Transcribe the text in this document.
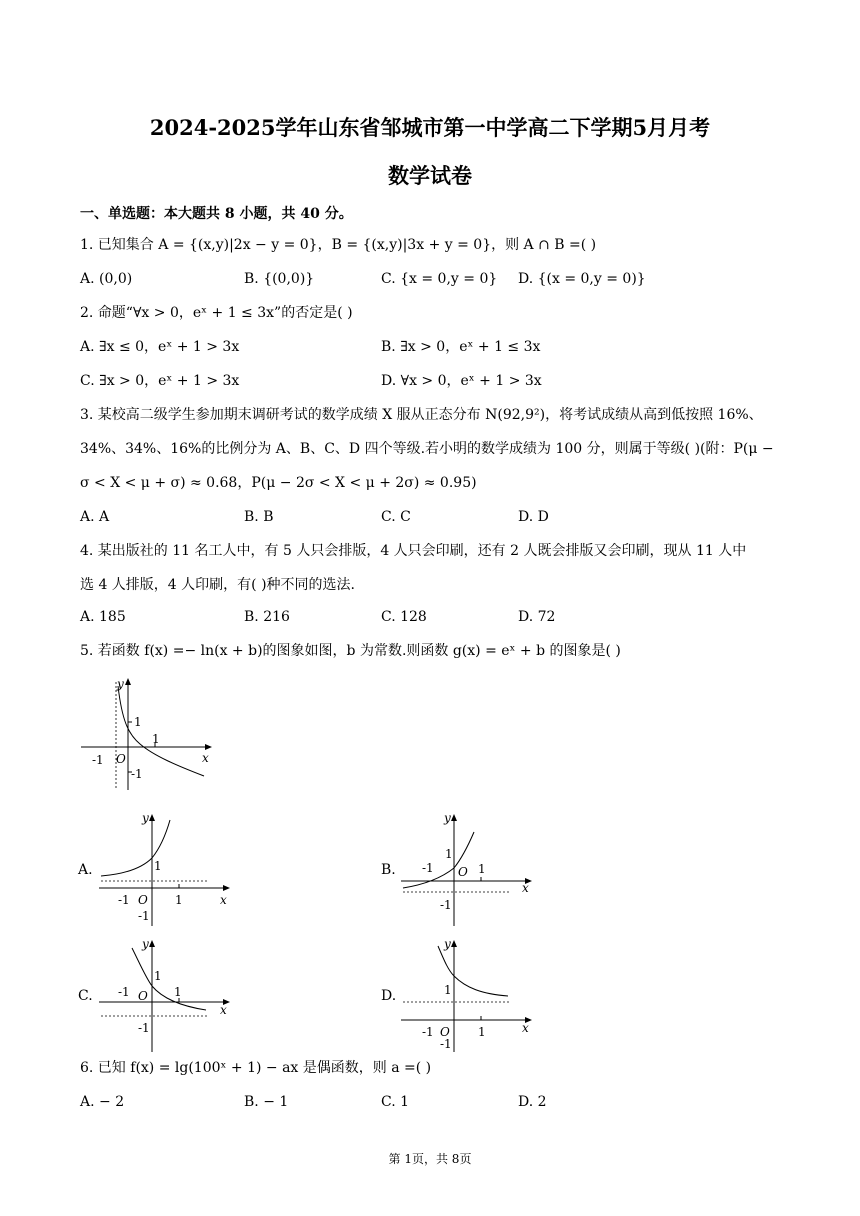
2024-2025学年山东省邹城市第一中学高二下学期5月月考
数学试卷
一、单选题：本大题共 8 小题，共 40 分。
1. 已知集合 A = {(x,y)|2x − y = 0}，B = {(x,y)|3x + y = 0}，则 A ∩ B =( )
A. (0,0)	B. {(0,0)}	C. {x = 0,y = 0} D. {(x = 0,y = 0)}
2. 命题“∀x > 0，eˣ + 1 ≤ 3x”的否定是( )
A. ∃x ≤ 0，eˣ + 1 > 3x	B. ∃x > 0，eˣ + 1 ≤ 3x
C. ∃x > 0，eˣ + 1 > 3x	D. ∀x > 0，eˣ + 1 > 3x
3. 某校高二级学生参加期末调研考试的数学成绩 X 服从正态分布 N(92,9²)，将考试成绩从高到低按照 16%、
34%、34%、16%的比例分为 A、B、C、D 四个等级.若小明的数学成绩为 100 分，则属于等级( )(附：P(μ −
σ < X < μ + σ) ≈ 0.68，P(μ − 2σ < X < μ + 2σ) ≈ 0.95)
A. A	B. B	C. C	D. D
4. 某出版社的 11 名工人中，有 5 人只会排版，4 人只会印刷，还有 2 人既会排版又会印刷，现从 11 人中
选 4 人排版，4 人印刷，有( )种不同的选法.
A. 185	B. 216	C. 128	D. 72
5. 若函数 f(x) =− ln(x + b)的图象如图，b 为常数.则函数 g(x) = eˣ + b 的图象是( )
y
x
O
1
1
-1
-1
A.
y
x
O 1
1
-1
-1
B.
y
x
O 1
1
-1
-1
C.
y
x
O 1
1
-1
-1
D.
y
x
O 1
1
-1
-1
6. 已知 f(x) = lg(100ˣ + 1) − ax 是偶函数，则 a =( )
A. − 2	B. − 1	C. 1	D. 2
第 1页，共 8页
